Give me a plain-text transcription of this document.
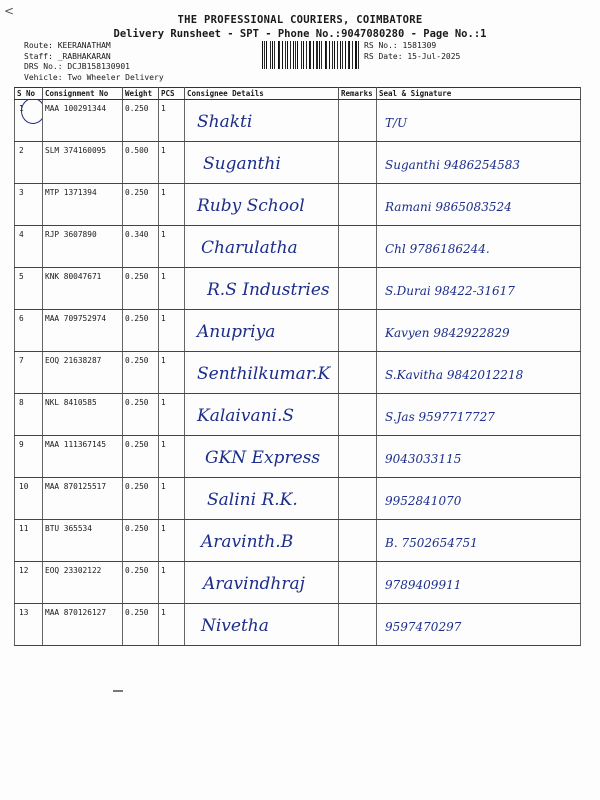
<
THE PROFESSIONAL COURIERS, COIMBATORE
Delivery Runsheet - SPT - Phone No.:9047080280 - Page No.:1
Route: KEERANATHAM
Staff: _RABHAKARAN
DRS No.: DCJB158130901
Vehicle: Two Wheeler Delivery
RS No.: 1581309
RS Date: 15-Jul-2025
S No	Consignment No	Weight	PCS	Consignee Details	Remarks	Seal & Signature

1	MAA 100291344	0.250	1	Shakti		T/U

2	SLM 374160095	0.500	1	Suganthi		Suganthi 9486254583

3	MTP 1371394	0.250	1	Ruby School		Ramani 9865083524

4	RJP 3607890	0.340	1	Charulatha		Chl 9786186244.

5	KNK 80047671	0.250	1	R.S Industries		S.Durai 98422-31617

6	MAA 709752974	0.250	1	Anupriya		Kavyen 9842922829

7	EOQ 21638287	0.250	1	Senthilkumar.K		S.Kavitha 9842012218

8	NKL 8410585	0.250	1	Kalaivani.S		S.Jas 9597717727

9	MAA 111367145	0.250	1	GKN Express		9043033115

10	MAA 870125517	0.250	1	Salini R.K.		9952841070

11	BTU 365534	0.250	1	Aravinth.B		B. 7502654751

12	EOQ 23302122	0.250	1	Aravindhraj		9789409911

13	MAA 870126127	0.250	1	Nivetha		9597470297
